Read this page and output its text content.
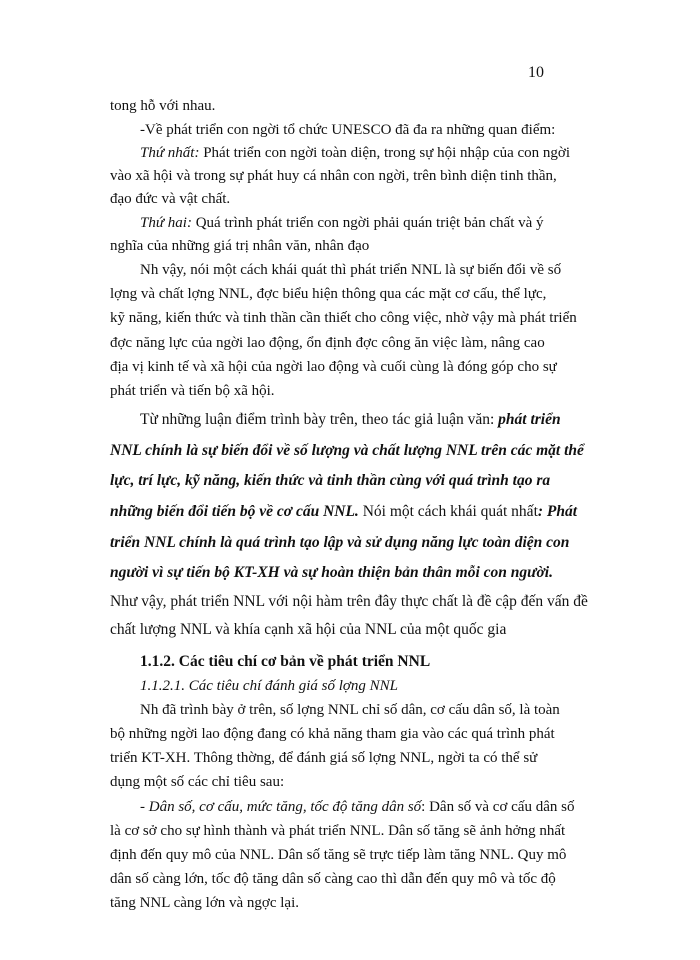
10
tong hỗ với nhau.
-Về phát triển con ngời tổ chức UNESCO đã đa ra những quan điểm:
Thứ nhất: Phát triển con ngời toàn diện, trong sự hội nhập của con ngời
vào xã hội và trong sự phát huy cá nhân con ngời, trên bình diện tinh thần,
đạo đức và vật chất.
Thứ hai: Quá trình phát triển con ngời phải quán triệt bản chất và ý
nghĩa của những giá trị nhân văn, nhân đạo
Nh vậy, nói một cách khái quát thì phát triển NNL là sự biến đổi về số
lợng và chất lợng NNL, đợc biểu hiện thông qua các mặt cơ cấu, thể lực,
kỹ năng, kiến thức và tinh thần cần thiết cho công việc, nhờ vậy mà phát triển
đợc năng lực của ngời lao động, ổn định đợc công ăn việc làm, nâng cao
địa vị kinh tế và xã hội của ngời lao động và cuối cùng là đóng góp cho sự
phát triển và tiến bộ xã hội.
Từ những luận điểm trình bày trên, theo tác giả luận văn: phát triển
NNL chính là sự biến đổi về số lượng và chất lượng NNL trên các mặt thể
lực, trí lực, kỹ năng, kiến thức và tinh thần cùng với quá trình tạo ra
những biến đổi tiến bộ về cơ cấu NNL. Nói một cách khái quát nhất: Phát
triển NNL chính là quá trình tạo lập và sử dụng năng lực toàn diện con
người vì sự tiến bộ KT-XH và sự hoàn thiện bản thân mỗi con người.
Như vậy, phát triển NNL với nội hàm trên đây thực chất là đề cập đến vấn đề
chất lượng NNL và khía cạnh xã hội của NNL của một quốc gia
1.1.2. Các tiêu chí cơ bản về phát triển NNL
1.1.2.1. Các tiêu chí đánh giá số lợng NNL
Nh đã trình bày ở trên, số lợng NNL chỉ số dân, cơ cấu dân số, là toàn
bộ những ngời lao động đang có khả năng tham gia vào các quá trình phát
triển KT-XH. Thông thờng, để đánh giá số lợng NNL, ngời ta có thể sử
dụng một số các chỉ tiêu sau:
- Dân số, cơ cấu, mức tăng, tốc độ tăng dân số: Dân số và cơ cấu dân số
là cơ sở cho sự hình thành và phát triển NNL. Dân số tăng sẽ ảnh hởng nhất
định đến quy mô của NNL. Dân số tăng sẽ trực tiếp làm tăng NNL. Quy mô
dân số càng lớn, tốc độ tăng dân số càng cao thì dẫn đến quy mô và tốc độ
tăng NNL càng lớn và ngợc lại.
